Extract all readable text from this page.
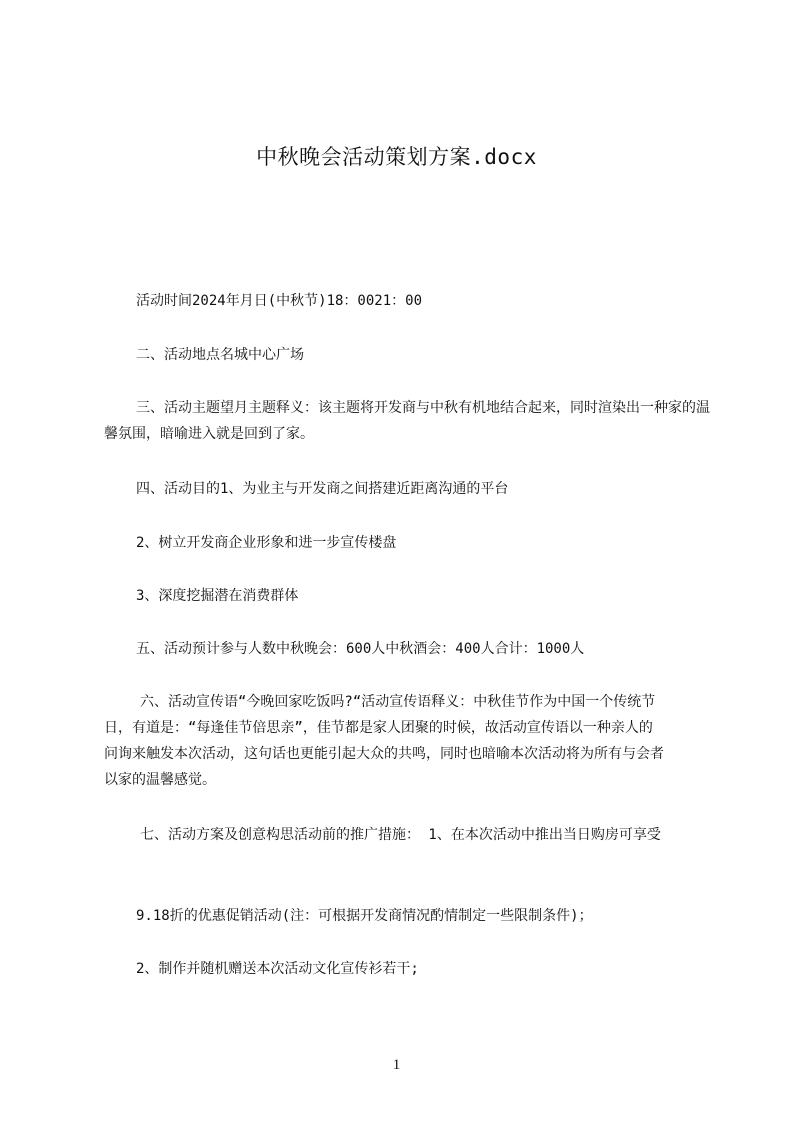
中秋晚会活动策划方案.docx
活动时间2024年月日(中秋节)18：0021：00
二、活动地点名城中心广场
三、活动主题望月主题释义：该主题将开发商与中秋有机地结合起来，同时渲染出一种家的温馨氛围，暗喻进入就是回到了家。
四、活动目的1、为业主与开发商之间搭建近距离沟通的平台
2、树立开发商企业形象和进一步宣传楼盘
3、深度挖掘潜在消费群体
五、活动预计参与人数中秋晚会：600人中秋酒会：400人合计：1000人
六、活动宣传语“今晚回家吃饭吗?“活动宣传语释义：中秋佳节作为中国一个传统节日，有道是：“每逢佳节倍思亲”，佳节都是家人团聚的时候，故活动宣传语以一种亲人的问询来触发本次活动，这句话也更能引起大众的共鸣，同时也暗喻本次活动将为所有与会者以家的温馨感觉。
七、活动方案及创意构思活动前的推广措施： 1、在本次活动中推出当日购房可享受
9.18折的优惠促销活动(注：可根据开发商情况酌情制定一些限制条件)；
2、制作并随机赠送本次活动文化宣传衫若干;
1
